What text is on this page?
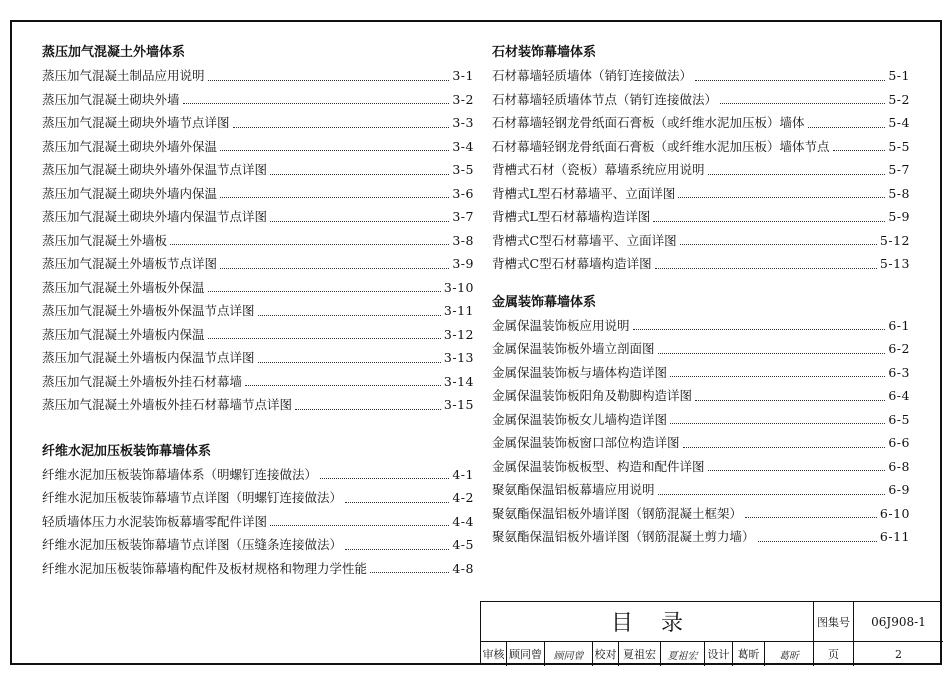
蒸压加气混凝土外墙体系
蒸压加气混凝土制品应用说明	3-1
蒸压加气混凝土砌块外墙	3-2
蒸压加气混凝土砌块外墙节点详图	3-3
蒸压加气混凝土砌块外墙外保温	3-4
蒸压加气混凝土砌块外墙外保温节点详图	3-5
蒸压加气混凝土砌块外墙内保温	3-6
蒸压加气混凝土砌块外墙内保温节点详图	3-7
蒸压加气混凝土外墙板	3-8
蒸压加气混凝土外墙板节点详图	3-9
蒸压加气混凝土外墙板外保温	3-10
蒸压加气混凝土外墙板外保温节点详图	3-11
蒸压加气混凝土外墙板内保温	3-12
蒸压加气混凝土外墙板内保温节点详图	3-13
蒸压加气混凝土外墙板外挂石材幕墙	3-14
蒸压加气混凝土外墙板外挂石材幕墙节点详图	3-15
纤维水泥加压板装饰幕墙体系
纤维水泥加压板装饰幕墙体系（明螺钉连接做法）	4-1
纤维水泥加压板装饰幕墙节点详图（明螺钉连接做法）	4-2
轻质墙体压力水泥装饰板幕墙零配件详图	4-4
纤维水泥加压板装饰幕墙节点详图（压缝条连接做法）	4-5
纤维水泥加压板装饰幕墙构配件及板材规格和物理力学性能	4-8
石材装饰幕墙体系
石材幕墙轻质墙体（销钉连接做法）	5-1
石材幕墙轻质墙体节点（销钉连接做法）	5-2
石材幕墙轻钢龙骨纸面石膏板（或纤维水泥加压板）墙体	5-4
石材幕墙轻钢龙骨纸面石膏板（或纤维水泥加压板）墙体节点	5-5
背槽式石材（瓷板）幕墙系统应用说明	5-7
背槽式L型石材幕墙平、立面详图	5-8
背槽式L型石材幕墙构造详图	5-9
背槽式C型石材幕墙平、立面详图	5-12
背槽式C型石材幕墙构造详图	5-13
金属装饰幕墙体系
金属保温装饰板应用说明	6-1
金属保温装饰板外墙立剖面图	6-2
金属保温装饰板与墙体构造详图	6-3
金属保温装饰板阳角及勒脚构造详图	6-4
金属保温装饰板女儿墙构造详图	6-5
金属保温装饰板窗口部位构造详图	6-6
金属保温装饰板板型、构造和配件详图	6-8
聚氨酯保温铝板幕墙应用说明	6-9
聚氨酯保温铝板外墙详图（钢筋混凝土框架）	6-10
聚氨酯保温铝板外墙详图（钢筋混凝土剪力墙）	6-11
目录	图集号	06J908-1
审核 顾同曾	顾同曾	校对 夏祖宏	夏祖宏 设计 葛昕	葛昕	页	2
